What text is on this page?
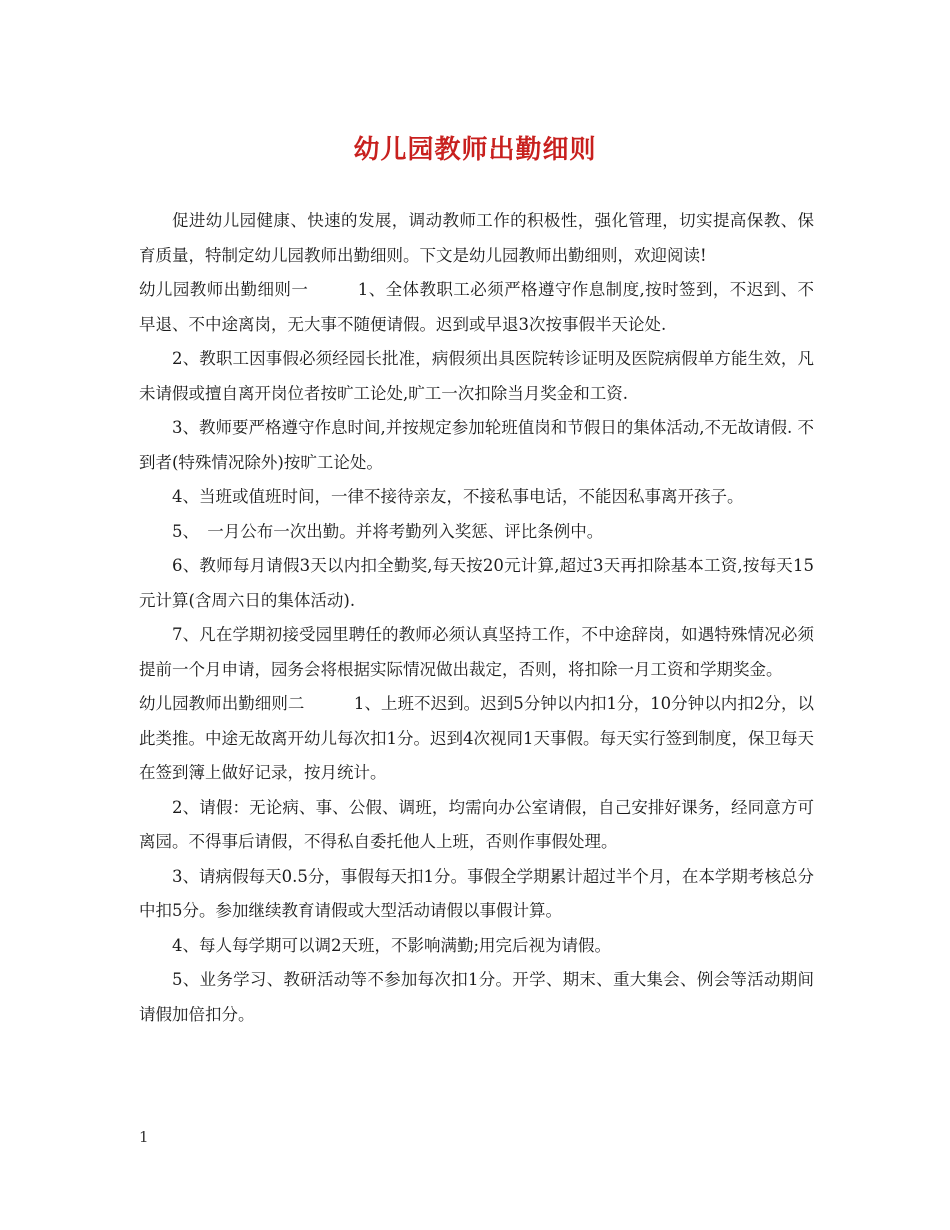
幼儿园教师出勤细则

促进幼儿园健康、快速的发展，调动教师工作的积极性，强化管理，切实提高保教、保育质量，特制定幼儿园教师出勤细则。下文是幼儿园教师出勤细则，欢迎阅读!

幼儿园教师出勤细则一	1、全体教职工必须严格遵守作息制度,按时签到，不迟到、不早退、不中途离岗，无大事不随便请假。迟到或早退3次按事假半天论处.

2、教职工因事假必须经园长批准，病假须出具医院转诊证明及医院病假单方能生效，凡未请假或擅自离开岗位者按旷工论处,旷工一次扣除当月奖金和工资.

3、教师要严格遵守作息时间,并按规定参加轮班值岗和节假日的集体活动,不无故请假. 不到者(特殊情况除外)按旷工论处。

4、当班或值班时间，一律不接待亲友，不接私事电话，不能因私事离开孩子。

5、　一月公布一次出勤。并将考勤列入奖惩、评比条例中。

6、教师每月请假3天以内扣全勤奖,每天按20元计算,超过3天再扣除基本工资,按每天15元计算(含周六日的集体活动).

7、凡在学期初接受园里聘任的教师必须认真坚持工作，不中途辞岗，如遇特殊情况必须提前一个月申请，园务会将根据实际情况做出裁定，否则，将扣除一月工资和学期奖金。

幼儿园教师出勤细则二	1、上班不迟到。迟到5分钟以内扣1分，10分钟以内扣2分，以此类推。中途无故离开幼儿每次扣1分。迟到4次视同1天事假。每天实行签到制度，保卫每天在签到簿上做好记录，按月统计。

2、请假：无论病、事、公假、调班，均需向办公室请假，自己安排好课务，经同意方可离园。不得事后请假，不得私自委托他人上班，否则作事假处理。

3、请病假每天0.5分，事假每天扣1分。事假全学期累计超过半个月，在本学期考核总分中扣5分。参加继续教育请假或大型活动请假以事假计算。

4、每人每学期可以调2天班，不影响满勤;用完后视为请假。

5、业务学习、教研活动等不参加每次扣1分。开学、期末、重大集会、例会等活动期间请假加倍扣分。

1
